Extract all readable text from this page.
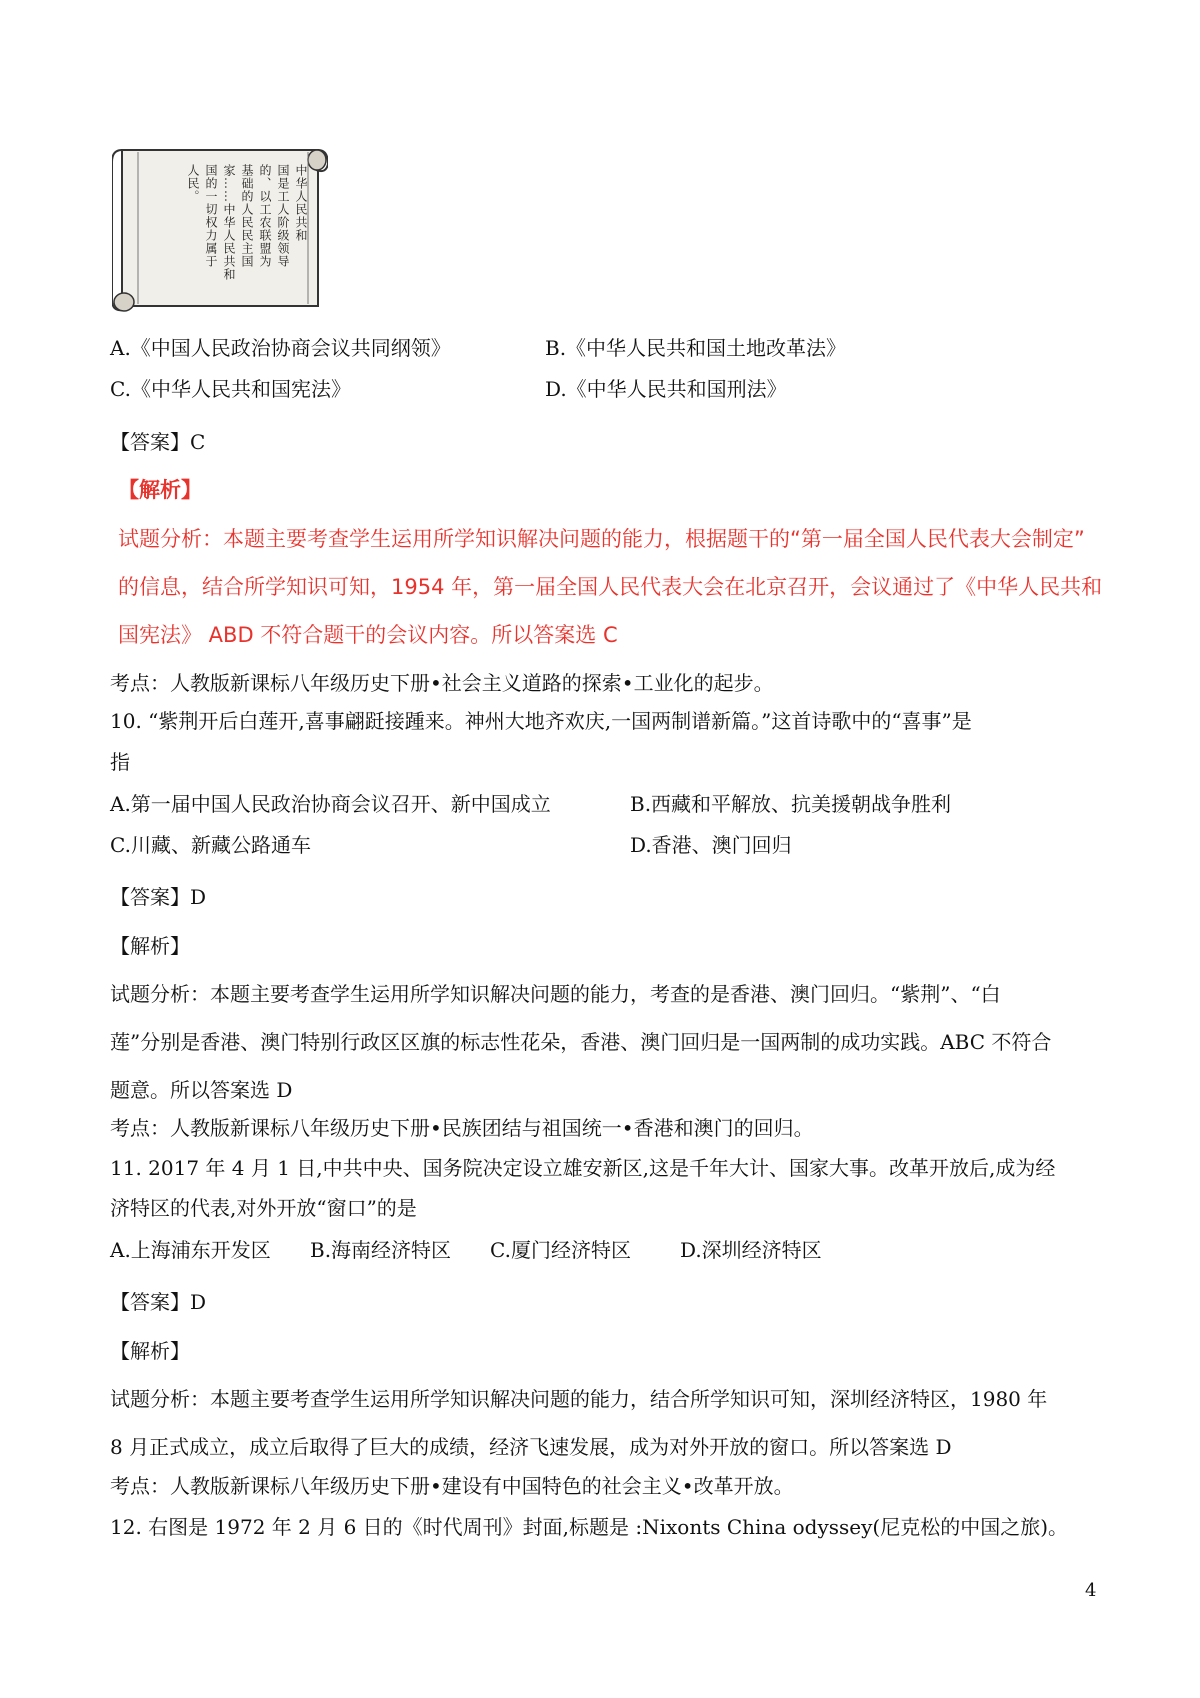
中华人民共和
国是工人阶级领导
的、以工农联盟为
基础的人民民主国
家……中华人民共和
国的一切权力属于
人民。
A.《中国人民政治协商会议共同纲领》	B.《中华人民共和国土地改革法》
C.《中华人民共和国宪法》	D.《中华人民共和国刑法》
【答案】C
【解析】
试题分析：本题主要考查学生运用所学知识解决问题的能力，根据题干的“第一届全国人民代表大会制定”
的信息，结合所学知识可知，1954 年，第一届全国人民代表大会在北京召开，会议通过了《中华人民共和
国宪法》 ABD 不符合题干的会议内容。所以答案选 C
考点：人教版新课标八年级历史下册•社会主义道路的探索•工业化的起步。
10. “紫荆开后白莲开,喜事翩跹接踵来。神州大地齐欢庆,一国两制谱新篇。”这首诗歌中的“喜事”是
指
A.第一届中国人民政治协商会议召开、新中国成立	B.西藏和平解放、抗美援朝战争胜利
C.川藏、新藏公路通车	D.香港、澳门回归
【答案】D
【解析】
试题分析：本题主要考查学生运用所学知识解决问题的能力，考查的是香港、澳门回归。“紫荆”、“白
莲”分别是香港、澳门特别行政区区旗的标志性花朵，香港、澳门回归是一国两制的成功实践。ABC 不符合
题意。所以答案选 D
考点：人教版新课标八年级历史下册•民族团结与祖国统一•香港和澳门的回归。
11. 2017 年 4 月 1 日,中共中央、国务院决定设立雄安新区,这是千年大计、国家大事。改革开放后,成为经
济特区的代表,对外开放“窗口”的是
A.上海浦东开发区 B.海南经济特区 C.厦门经济特区 D.深圳经济特区
【答案】D
【解析】
试题分析：本题主要考查学生运用所学知识解决问题的能力，结合所学知识可知，深圳经济特区，1980 年
8 月正式成立，成立后取得了巨大的成绩，经济飞速发展，成为对外开放的窗口。所以答案选 D
考点：人教版新课标八年级历史下册•建设有中国特色的社会主义•改革开放。
12. 右图是 1972 年 2 月 6 日的《时代周刊》封面,标题是 :Nixonts China odyssey(尼克松的中国之旅)。
4
